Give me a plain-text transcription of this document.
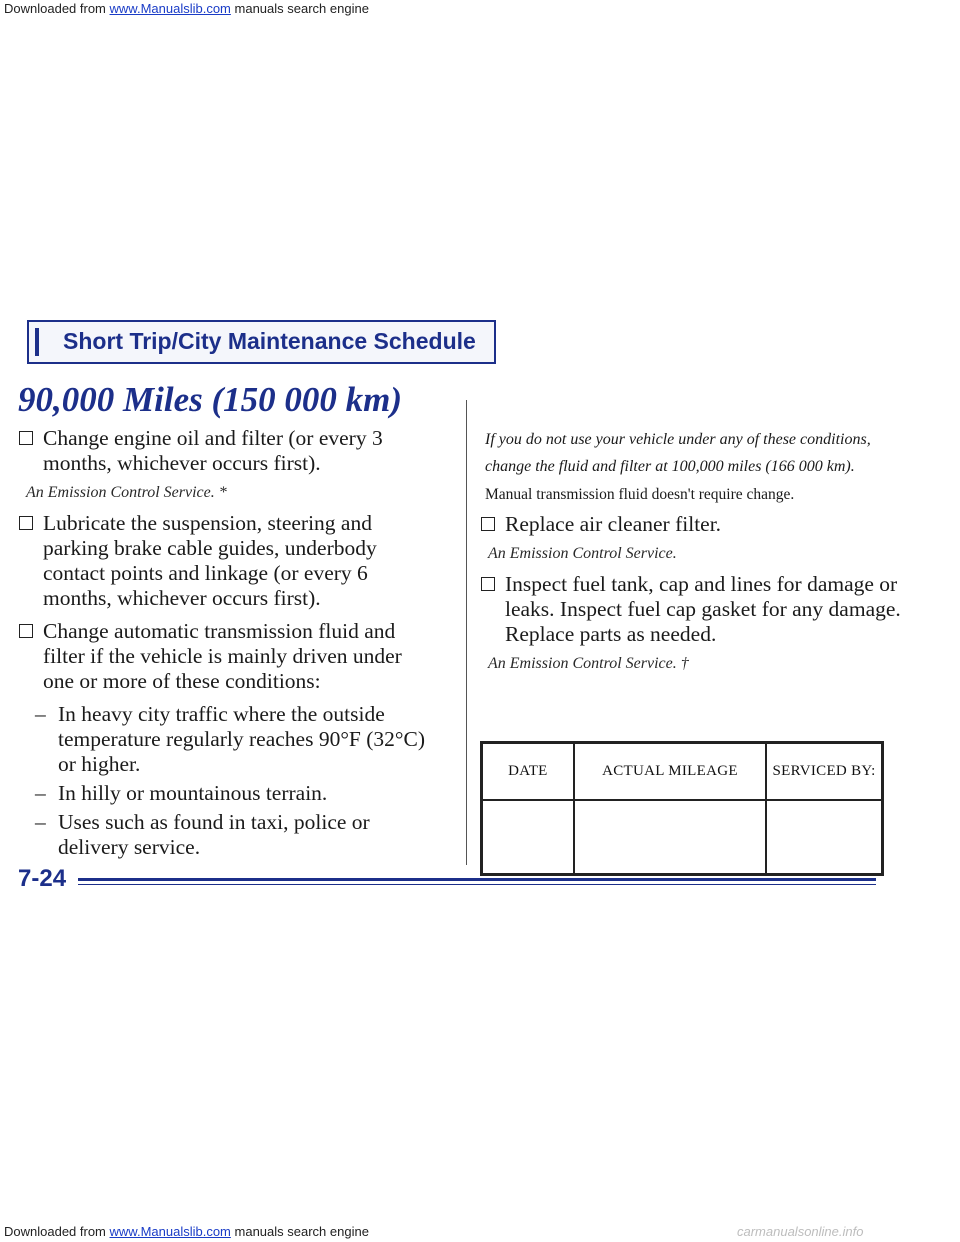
Downloaded from www.Manualslib.com manuals search engine
Short Trip/City Maintenance Schedule
90,000 Miles (150 000 km)

Change engine oil and filter (or every 3 months, whichever occurs first).

An Emission Control Service. *

Lubricate the suspension, steering and parking brake cable guides, underbody contact points and linkage (or every 6 months, whichever occurs first).

Change automatic transmission fluid and filter if the vehicle is mainly driven under one or more of these conditions:

– In heavy city traffic where the outside temperature regularly reaches 90°F (32°C) or higher.
– In hilly or mountainous terrain.
– Uses such as found in taxi, police or delivery service.

If you do not use your vehicle under any of these conditions, change the fluid and filter at 100,000 miles (166 000 km).

Manual transmission fluid doesn't require change.

Replace air cleaner filter.

An Emission Control Service.

Inspect fuel tank, cap and lines for damage or leaks. Inspect fuel cap gasket for any damage. Replace parts as needed.

An Emission Control Service. †
DATE	ACTUAL MILEAGE	SERVICED BY:

7-24
Downloaded from www.Manualslib.com manuals search engine	carmanualsonline.info
